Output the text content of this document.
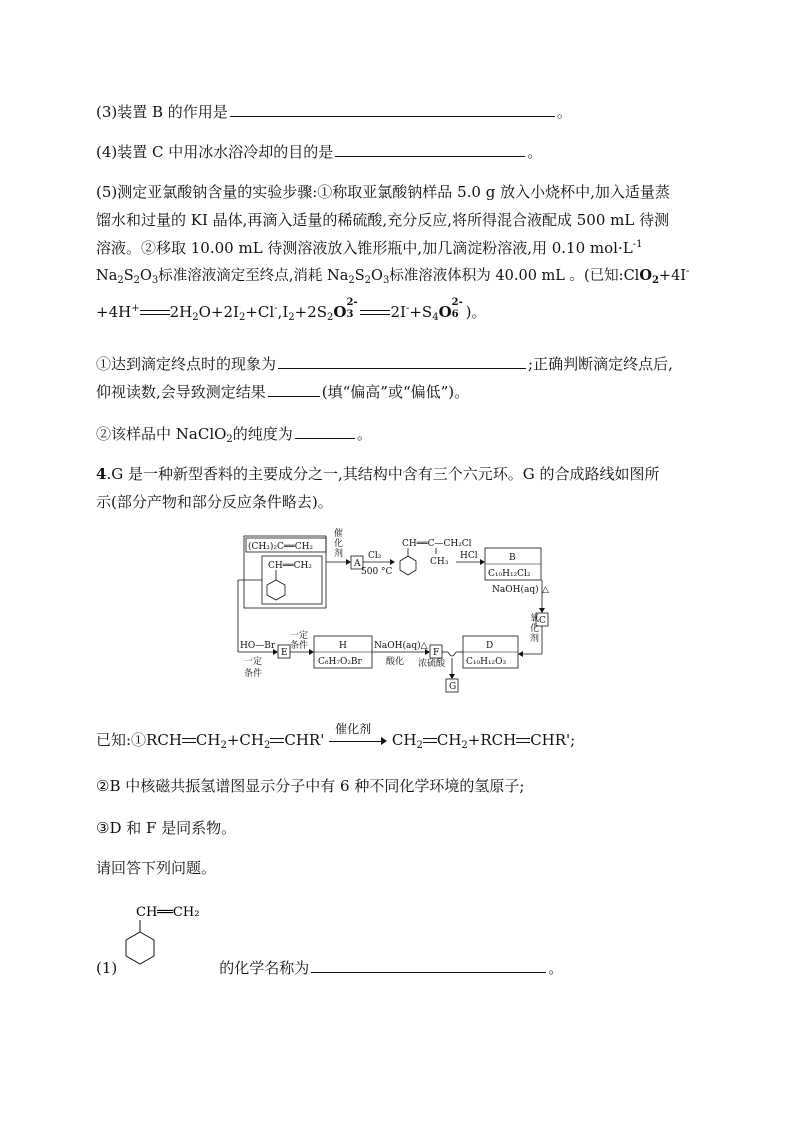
(3)装置 B 的作用是	。
(4)装置 C 中用冰水浴冷却的目的是	。
(5)测定亚氯酸钠含量的实验步骤:①称取亚氯酸钠样品 5.0 g 放入小烧杯中,加入适量蒸
馏水和过量的 KI 晶体,再滴入适量的稀硫酸,充分反应,将所得混合液配成 500 mL 待测
溶液。②移取 10.00 mL 待测溶液放入锥形瓶中,加几滴淀粉溶液,用 0.10 $mol\cdot L^{-1}$
$Na_2S_2O_3$标准溶液滴定至终点,消耗 $Na_2S_2O_3$标准溶液体积为 40.00 mL 。(已知:ClO$_2$+4I-
+4H+ $2H_2O+2I_2+Cl^-,I_2+2S_2O$
2-
3 $2I^-+S_4O$
2-
6 )。
①达到滴定终点时的现象为	;正确判断滴定终点后,
仰视读数,会导致测定结果	(填“偏高”或“偏低”)。
②该样品中 NaClO$_2$的纯度为	。
4.G 是一种新型香料的主要成分之一,其结构中含有三个六元环。G 的合成路线如图所
示(部分产物和部分反应条件略去)。
(CH₃)₂C══CH₂
CH══CH₂
催
化
剂
A
Cl₂
500 °C
CH══C—CH₂Cl
CH₃
HCl	B
C₁₀H₁₂Cl₂
NaOH(aq) △
氧
化
剂
C
D
C₁₀H₁₂O₃
浓硫酸
G
F
NaOH(aq)△
酸化
H
C₈H₇O₂Br
一定
条件
E
HO—Br
一定
条件
已知:①RCH $CH_2+CH_2$ CHR'
催化剂
$CH_2$ $CH_2+RCH$ CHR';
②B 中核磁共振氢谱图显示分子中有 6 种不同化学环境的氢原子;
③D 和 F 是同系物。
请回答下列问题。
CH══CH₂
(1)	的化学名称为	。
